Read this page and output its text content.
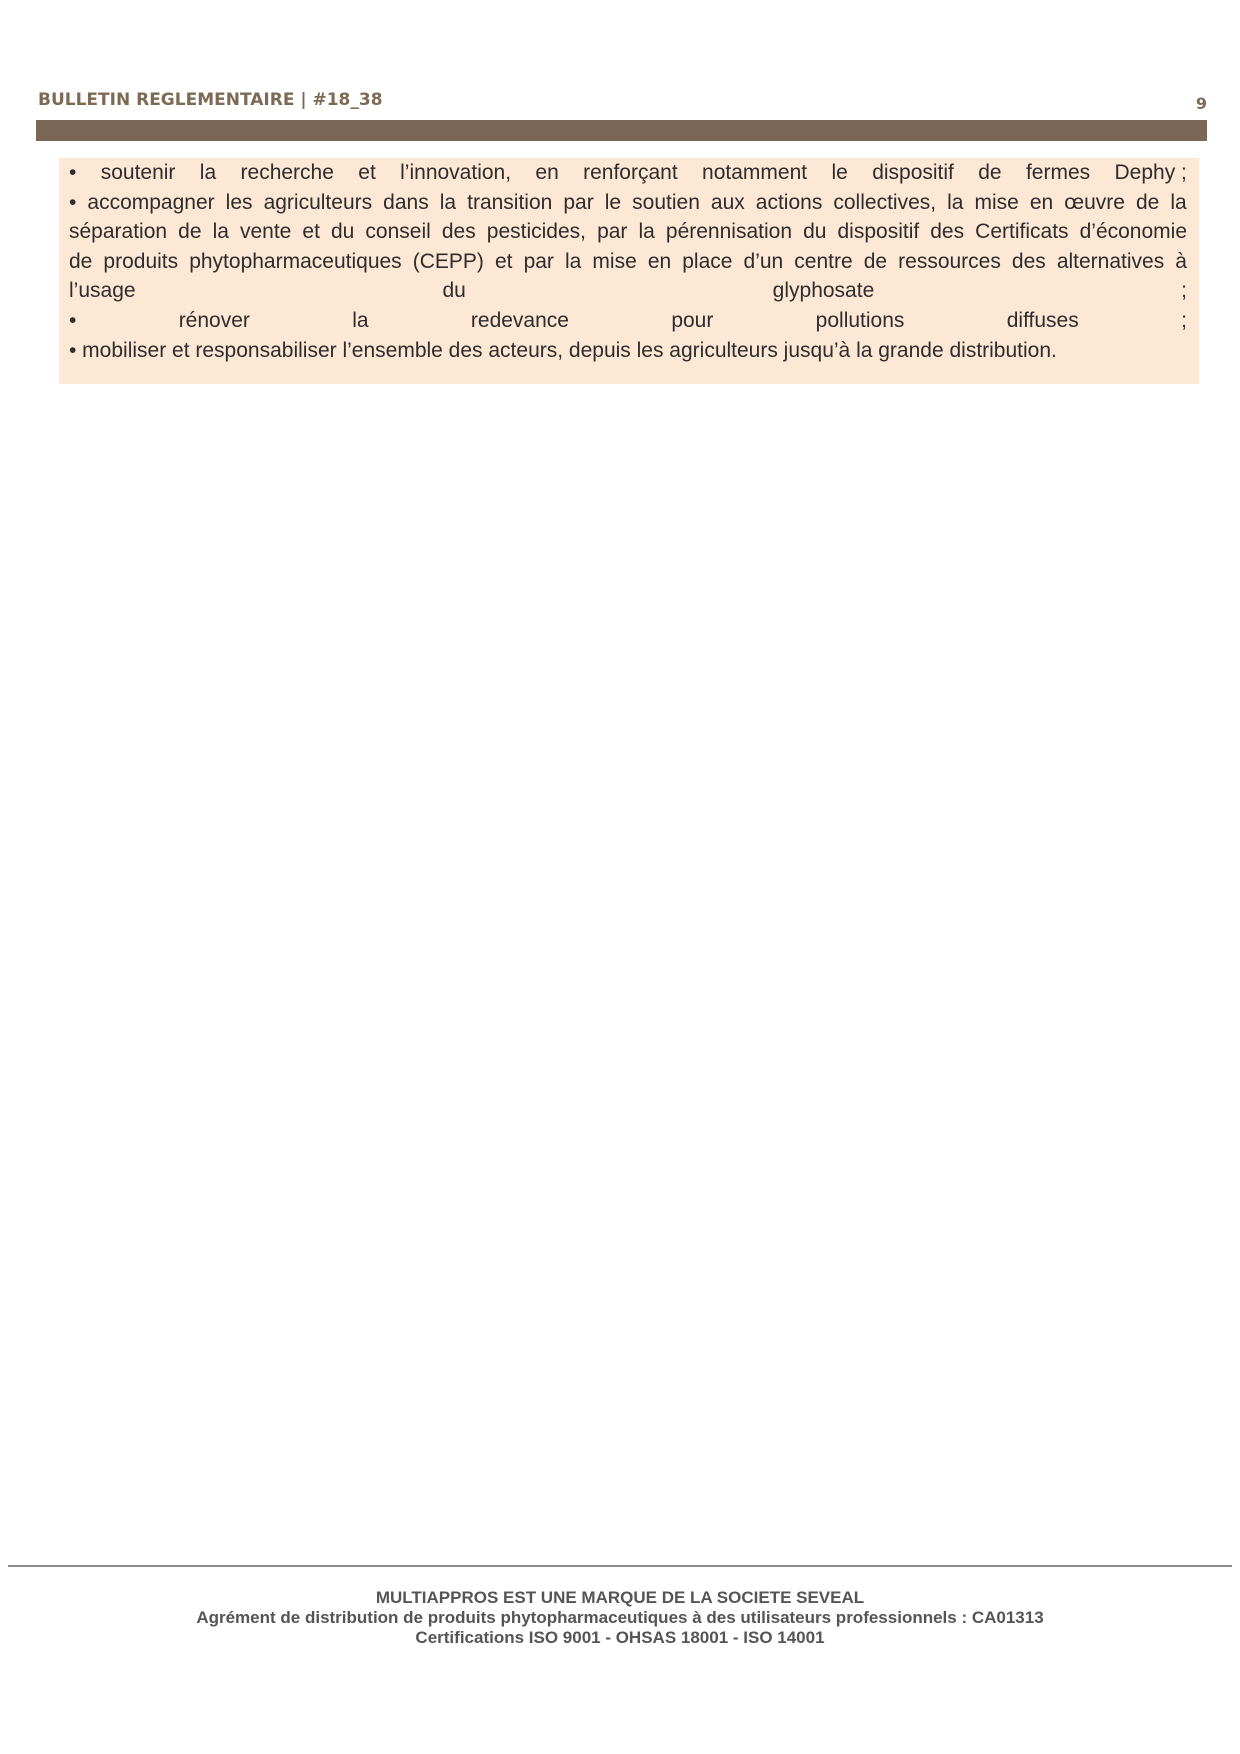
BULLETIN REGLEMENTAIRE | #18_38	9
• soutenir la recherche et l’innovation, en renforçant notamment le dispositif de fermes Dephy ;
• accompagner les agriculteurs dans la transition par le soutien aux actions collectives, la mise en œuvre de la
séparation de la vente et du conseil des pesticides, par la pérennisation du dispositif des Certificats d’économie
de produits phytopharmaceutiques (CEPP) et par la mise en place d’un centre de ressources des alternatives à
l’usage	du	glyphosate	;
•	rénover	la	redevance	pour	pollutions	diffuses	;
• mobiliser et responsabiliser l’ensemble des acteurs, depuis les agriculteurs jusqu’à la grande distribution.
MULTIAPPROS EST UNE MARQUE DE LA SOCIETE SEVEAL
Agrément de distribution de produits phytopharmaceutiques à des utilisateurs professionnels : CA01313
Certifications ISO 9001 - OHSAS 18001 - ISO 14001
